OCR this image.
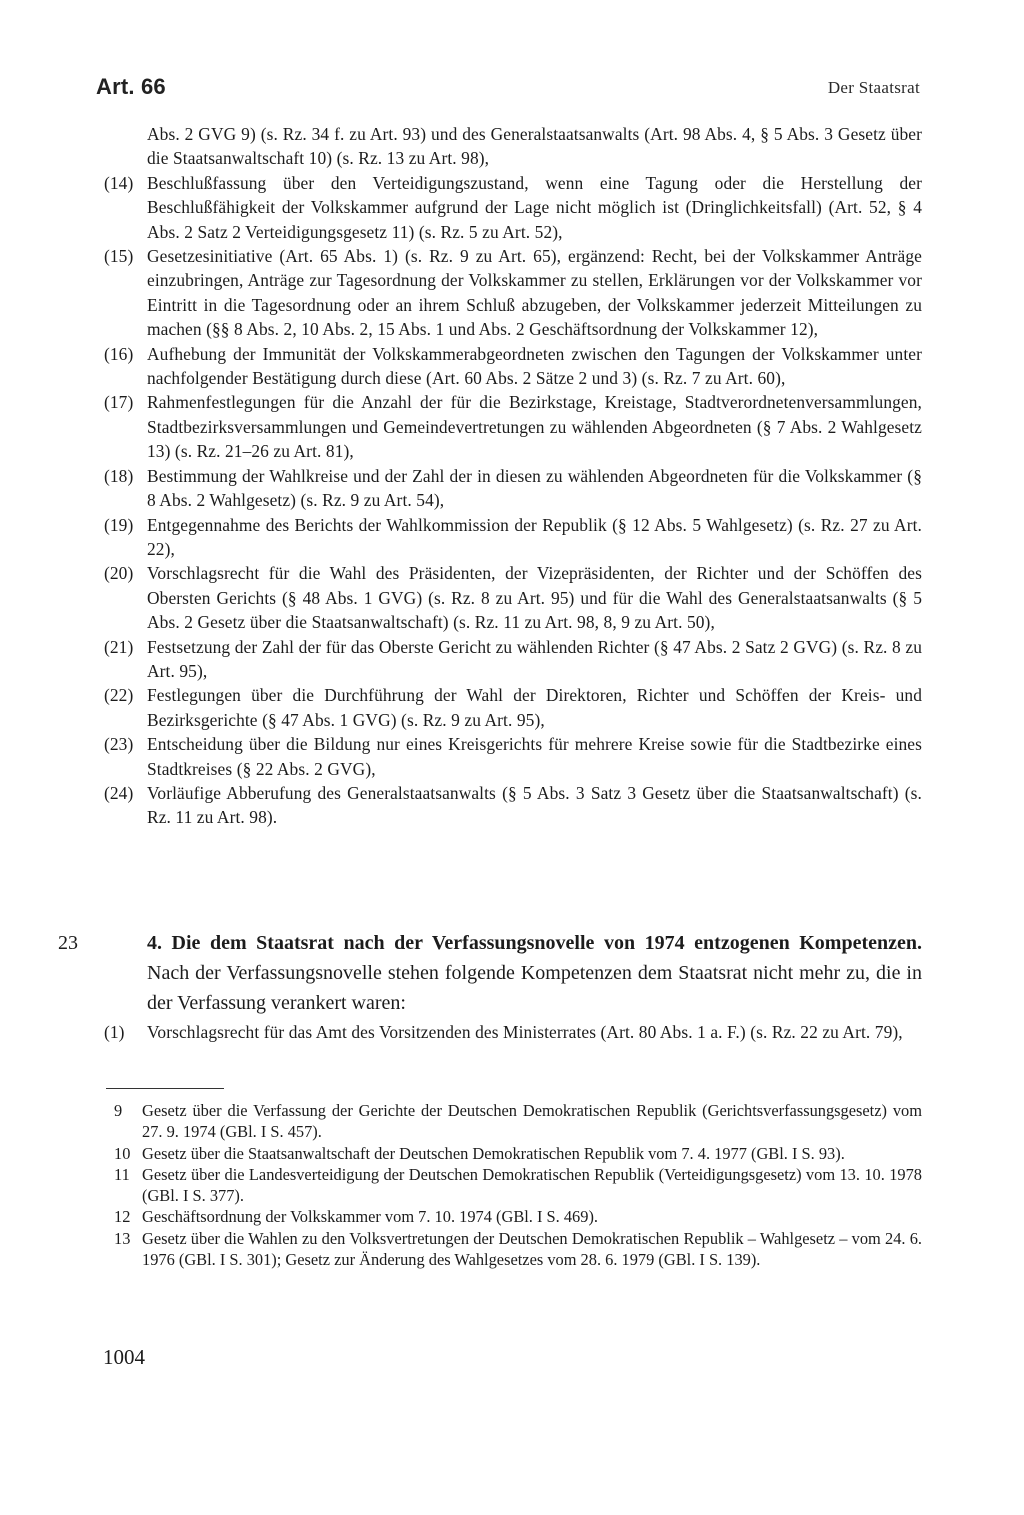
Art. 66	Der Staatsrat
Abs. 2 GVG 9) (s. Rz. 34 f. zu Art. 93) und des Generalstaatsanwalts (Art. 98 Abs. 4, § 5 Abs. 3 Gesetz über die Staatsanwaltschaft 10) (s. Rz. 13 zu Art. 98),
(14) Beschlußfassung über den Verteidigungszustand, wenn eine Tagung oder die Herstellung der Beschlußfähigkeit der Volkskammer aufgrund der Lage nicht möglich ist (Dringlichkeitsfall) (Art. 52, § 4 Abs. 2 Satz 2 Verteidigungsgesetz 11) (s. Rz. 5 zu Art. 52),
(15) Gesetzesinitiative (Art. 65 Abs. 1) (s. Rz. 9 zu Art. 65), ergänzend: Recht, bei der Volkskammer Anträge einzubringen, Anträge zur Tagesordnung der Volkskammer zu stellen, Erklärungen vor der Volkskammer vor Eintritt in die Tagesordnung oder an ihrem Schluß abzugeben, der Volkskammer jederzeit Mitteilungen zu machen (§§ 8 Abs. 2, 10 Abs. 2, 15 Abs. 1 und Abs. 2 Geschäftsordnung der Volkskammer 12),
(16) Aufhebung der Immunität der Volkskammerabgeordneten zwischen den Tagungen der Volkskammer unter nachfolgender Bestätigung durch diese (Art. 60 Abs. 2 Sätze 2 und 3) (s. Rz. 7 zu Art. 60),
(17) Rahmenfestlegungen für die Anzahl der für die Bezirkstage, Kreistage, Stadtverordnetenversammlungen, Stadtbezirksversammlungen und Gemeindevertretungen zu wählenden Abgeordneten (§ 7 Abs. 2 Wahlgesetz 13) (s. Rz. 21–26 zu Art. 81),
(18) Bestimmung der Wahlkreise und der Zahl der in diesen zu wählenden Abgeordneten für die Volkskammer (§ 8 Abs. 2 Wahlgesetz) (s. Rz. 9 zu Art. 54),
(19) Entgegennahme des Berichts der Wahlkommission der Republik (§ 12 Abs. 5 Wahlgesetz) (s. Rz. 27 zu Art. 22),
(20) Vorschlagsrecht für die Wahl des Präsidenten, der Vizepräsidenten, der Richter und der Schöffen des Obersten Gerichts (§ 48 Abs. 1 GVG) (s. Rz. 8 zu Art. 95) und für die Wahl des Generalstaatsanwalts (§ 5 Abs. 2 Gesetz über die Staatsanwaltschaft) (s. Rz. 11 zu Art. 98, 8, 9 zu Art. 50),
(21) Festsetzung der Zahl der für das Oberste Gericht zu wählenden Richter (§ 47 Abs. 2 Satz 2 GVG) (s. Rz. 8 zu Art. 95),
(22) Festlegungen über die Durchführung der Wahl der Direktoren, Richter und Schöffen der Kreis- und Bezirksgerichte (§ 47 Abs. 1 GVG) (s. Rz. 9 zu Art. 95),
(23) Entscheidung über die Bildung nur eines Kreisgerichts für mehrere Kreise sowie für die Stadtbezirke eines Stadtkreises (§ 22 Abs. 2 GVG),
(24) Vorläufige Abberufung des Generalstaatsanwalts (§ 5 Abs. 3 Satz 3 Gesetz über die Staatsanwaltschaft) (s. Rz. 11 zu Art. 98).
23	4. Die dem Staatsrat nach der Verfassungsnovelle von 1974 entzogenen Kompetenzen. Nach der Verfassungsnovelle stehen folgende Kompetenzen dem Staatsrat nicht mehr zu, die in der Verfassung verankert waren:
(1)	Vorschlagsrecht für das Amt des Vorsitzenden des Ministerrates (Art. 80 Abs. 1 a. F.) (s. Rz. 22 zu Art. 79),
9	Gesetz über die Verfassung der Gerichte der Deutschen Demokratischen Republik (Gerichtsverfassungsgesetz) vom 27. 9. 1974 (GBl. I S. 457).
10 Gesetz über die Staatsanwaltschaft der Deutschen Demokratischen Republik vom 7. 4. 1977 (GBl. I S. 93).
11 Gesetz über die Landesverteidigung der Deutschen Demokratischen Republik (Verteidigungsgesetz) vom 13. 10. 1978 (GBl. I S. 377).
12 Geschäftsordnung der Volkskammer vom 7. 10. 1974 (GBl. I S. 469).
13 Gesetz über die Wahlen zu den Volksvertretungen der Deutschen Demokratischen Republik – Wahlgesetz – vom 24. 6. 1976 (GBl. I S. 301); Gesetz zur Änderung des Wahlgesetzes vom 28. 6. 1979 (GBl. I S. 139).
1004
